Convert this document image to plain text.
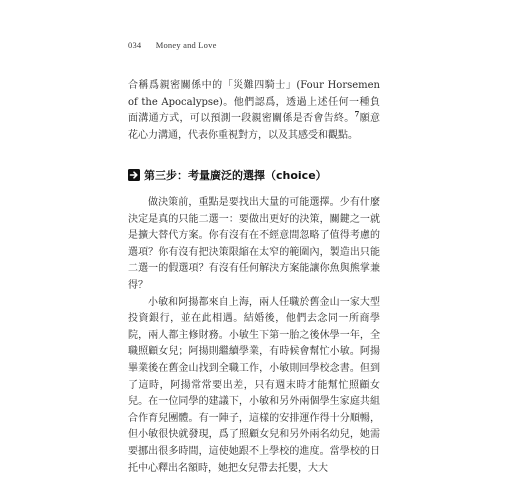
034 Money and Love

合稱爲親密關係中的「災難四騎士」(Four Horsemen of the Apocalypse)。他們認爲，透過上述任何一種負面溝通方式，可以預測一段親密關係是否會告終。$^7$願意花心力溝通，代表你重視對方，以及其感受和觀點。

第三步：考量廣泛的選擇（choice）

做決策前，重點是要找出大量的可能選擇。少有什麼決定是真的只能二選一：要做出更好的決策，關鍵之一就是擴大替代方案。你有沒有在不經意間忽略了值得考慮的選項？你有沒有把決策限縮在太窄的範圍內，製造出只能二選一的假選項？有沒有任何解決方案能讓你魚與熊掌兼得？

小敏和阿揚都來自上海，兩人任職於舊金山一家大型投資銀行，並在此相遇。結婚後，他們去念同一所商學院，兩人都主修財務。小敏生下第一胎之後休學一年，全職照顧女兒；阿揚則繼續學業，有時候會幫忙小敏。阿揚畢業後在舊金山找到全職工作，小敏則回學校念書。但到了這時，阿揚常常要出差，只有週末時才能幫忙照顧女兒。在一位同學的建議下，小敏和另外兩個學生家庭共組合作育兒團體。有一陣子，這樣的安排運作得十分順暢，但小敏很快就發現，爲了照顧女兒和另外兩名幼兒，她需要挪出很多時間，這使她跟不上學校的進度。當學校的日托中心釋出名額時，她把女兒帶去托嬰，大大
